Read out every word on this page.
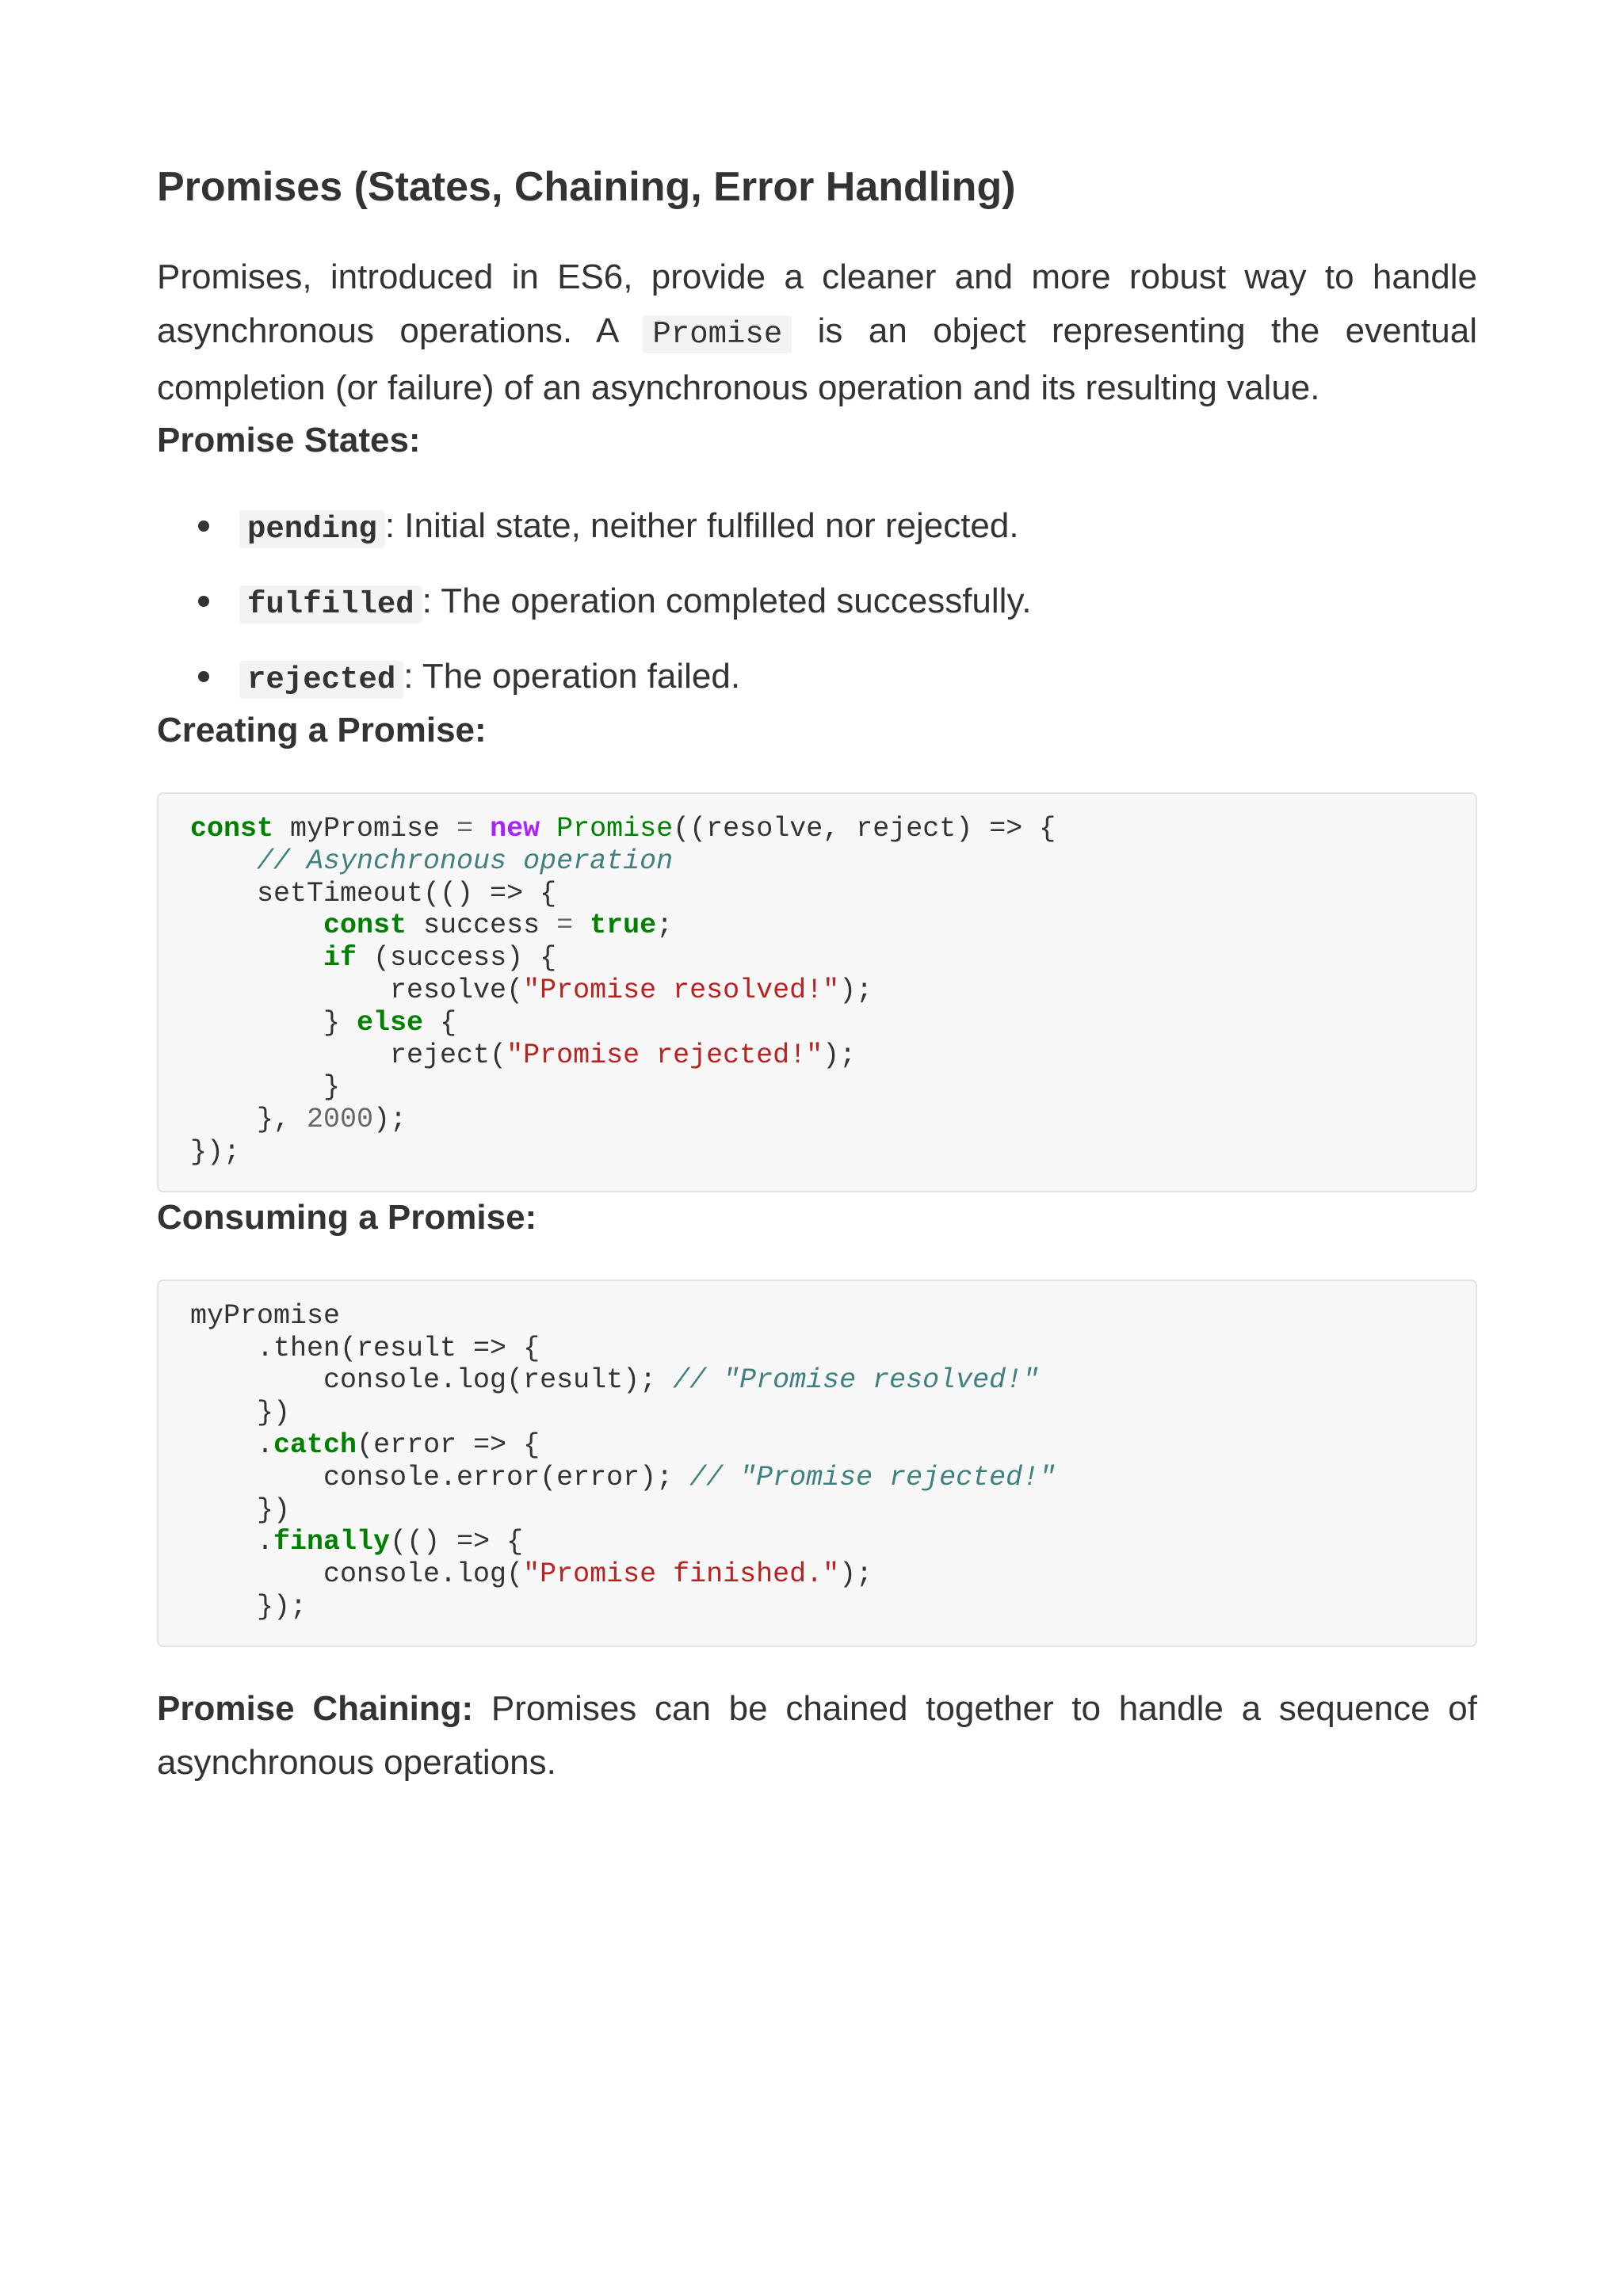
Promises (States, Chaining, Error Handling)

Promises, introduced in ES6, provide a cleaner and more robust way to handle asynchronous operations. A Promise is an object representing the eventual completion (or failure) of an asynchronous operation and its resulting value.

Promise States:
pending : Initial state, neither fulfilled nor rejected.
fulfilled : The operation completed successfully.
rejected : The operation failed.
Creating a Promise:
const myPromise = new Promise((resolve, reject) => {
// Asynchronous operation
setTimeout(() => {
const success = true;
if (success) {
resolve("Promise resolved!");
} else {
reject("Promise rejected!");
}
}, 2000);
});
Consuming a Promise:
myPromise
.then(result => {
console.log(result); // "Promise resolved!"
})
.catch(error => {
console.error(error); // "Promise rejected!"
})
.finally(() => {
console.log("Promise finished.");
});

Promise Chaining: Promises can be chained together to handle a sequence of asynchronous operations.
